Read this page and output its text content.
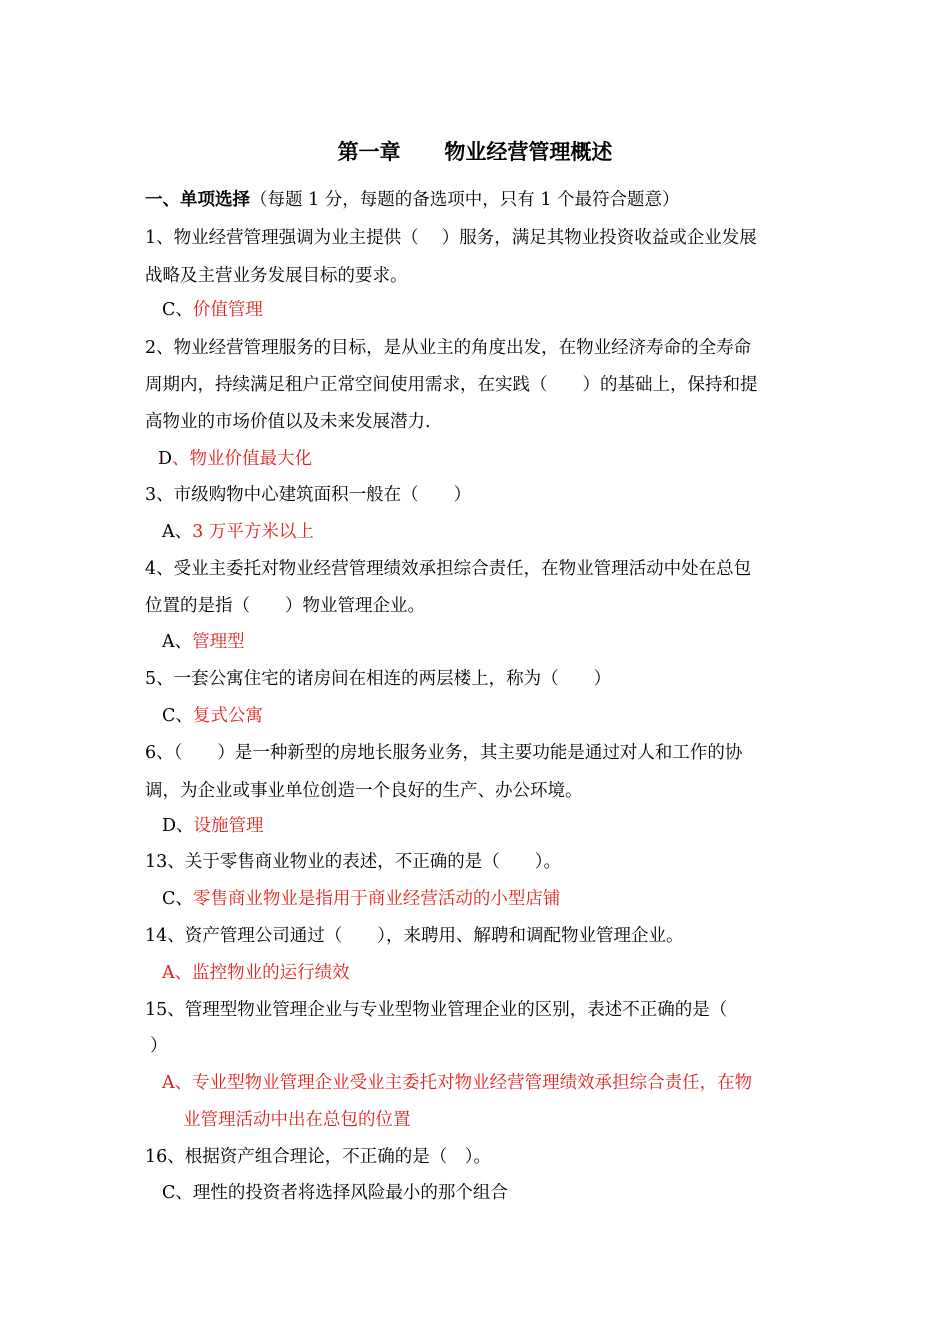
第一章      物业经营管理概述
一、单项选择（每题 1 分，每题的备选项中，只有 1 个最符合题意）
1、物业经营管理强调为业主提供（　 ）服务，满足其物业投资收益或企业发展
战略及主营业务发展目标的要求。
C、价值管理
2、物业经营管理服务的目标，是从业主的角度出发，在物业经济寿命的全寿命
周期内，持续满足租户正常空间使用需求，在实践（　　）的基础上，保持和提
高物业的市场价值以及未来发展潜力.
D、物业价值最大化
3、市级购物中心建筑面积一般在（　　）
A、3 万平方米以上
4、受业主委托对物业经营管理绩效承担综合责任，在物业管理活动中处在总包
位置的是指（　　）物业管理企业。
A、管理型
5、一套公寓住宅的诸房间在相连的两层楼上，称为（　　）
C、复式公寓
6、（　　）是一种新型的房地长服务业务，其主要功能是通过对人和工作的协
调，为企业或事业单位创造一个良好的生产、办公环境。
D、设施管理
13、关于零售商业物业的表述，不正确的是（　　）。
C、零售商业物业是指用于商业经营活动的小型店铺
14、资产管理公司通过（　　），来聘用、解聘和调配物业管理企业。
A、监控物业的运行绩效
15、管理型物业管理企业与专业型物业管理企业的区别，表述不正确的是（
）
A、专业型物业管理企业受业主委托对物业经营管理绩效承担综合责任，在物
业管理活动中出在总包的位置
16、根据资产组合理论，不正确的是（　）。
C、理性的投资者将选择风险最小的那个组合
